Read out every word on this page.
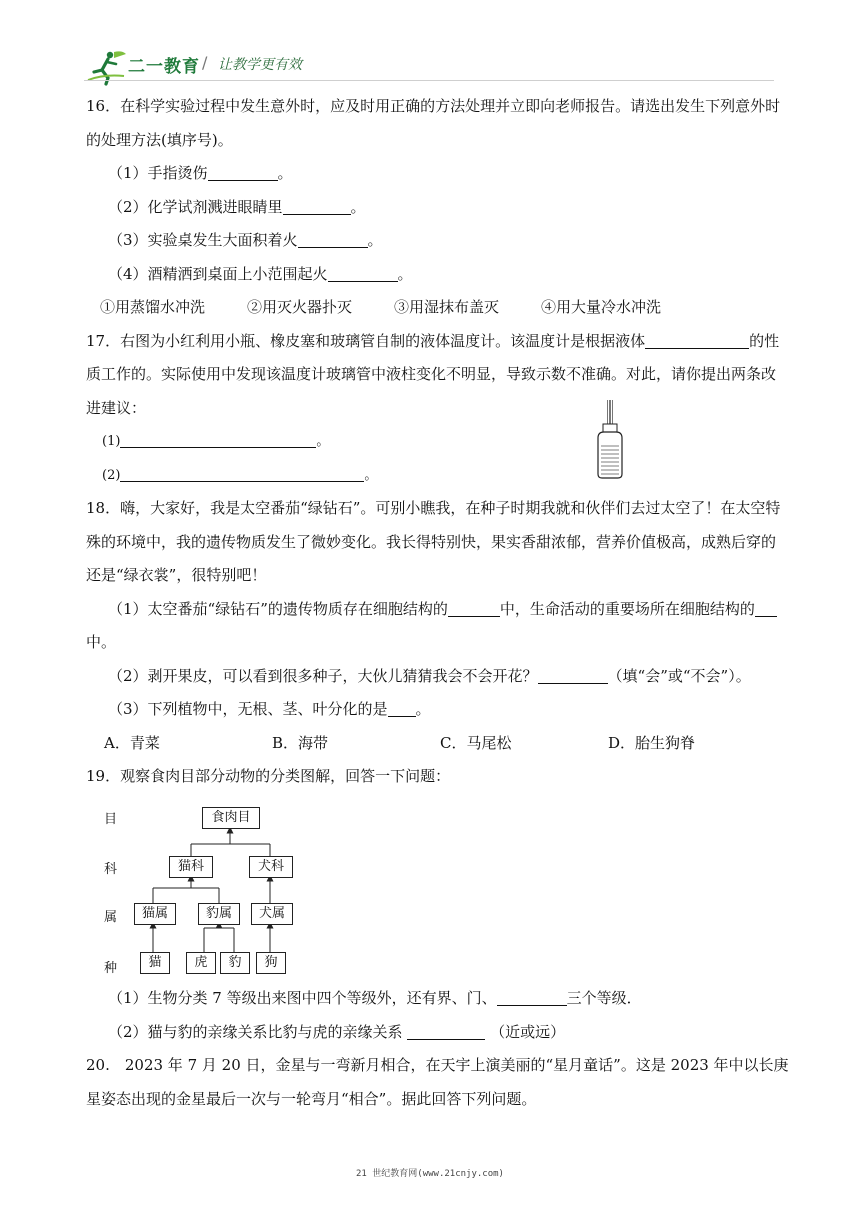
二一教育 / 让教学更有效

16．在科学实验过程中发生意外时，应及时用正确的方法处理并立即向老师报告。请选出发生下列意外时

的处理方法(填序号)。

（1）手指烫伤	。

（2）化学试剂溅进眼睛里	。

（3）实验桌发生大面积着火	。

（4）酒精洒到桌面上小范围起火	。

①用蒸馏水冲洗	②用灭火器扑灭	③用湿抹布盖灭	④用大量冷水冲洗

17．右图为小红利用小瓶、橡皮塞和玻璃管自制的液体温度计。该温度计是根据液体	的性

质工作的。实际使用中发现该温度计玻璃管中液柱变化不明显，导致示数不准确。对此，请你提出两条改

进建议：

(1)	。

(2)	。

18．嗨，大家好，我是太空番茄“绿钻石”。可别小瞧我，在种子时期我就和伙伴们去过太空了！在太空特

殊的环境中，我的遗传物质发生了微妙变化。我长得特别快，果实香甜浓郁，营养价值极高，成熟后穿的

还是“绿衣裳”，很特别吧！

（1）太空番茄“绿钻石”的遗传物质存在细胞结构的	中，生命活动的重要场所在细胞结构的

中。

（2）剥开果皮，可以看到很多种子，大伙儿猜猜我会不会开花？	（填“会”或“不会”）。

（3）下列植物中，无根、茎、叶分化的是 。

A．青菜	B．海带	C．马尾松	D．胎生狗脊

19．观察食肉目部分动物的分类图解，回答一下问题：

目
科
属
种
食肉目
猫科	犬科
猫属	豹属	犬属
猫	虎	豹	狗

（1）生物分类 7 等级出来图中四个等级外，还有界、门、	三个等级．

（2）猫与豹的亲缘关系比豹与虎的亲缘关系	（近或远）

20.　2023 年 7 月 20 日，金星与一弯新月相合，在天宇上演美丽的“星月童话”。这是 2023 年中以长庚

星姿态出现的金星最后一次与一轮弯月“相合”。据此回答下列问题。

21 世纪教育网(www.21cnjy.com)
